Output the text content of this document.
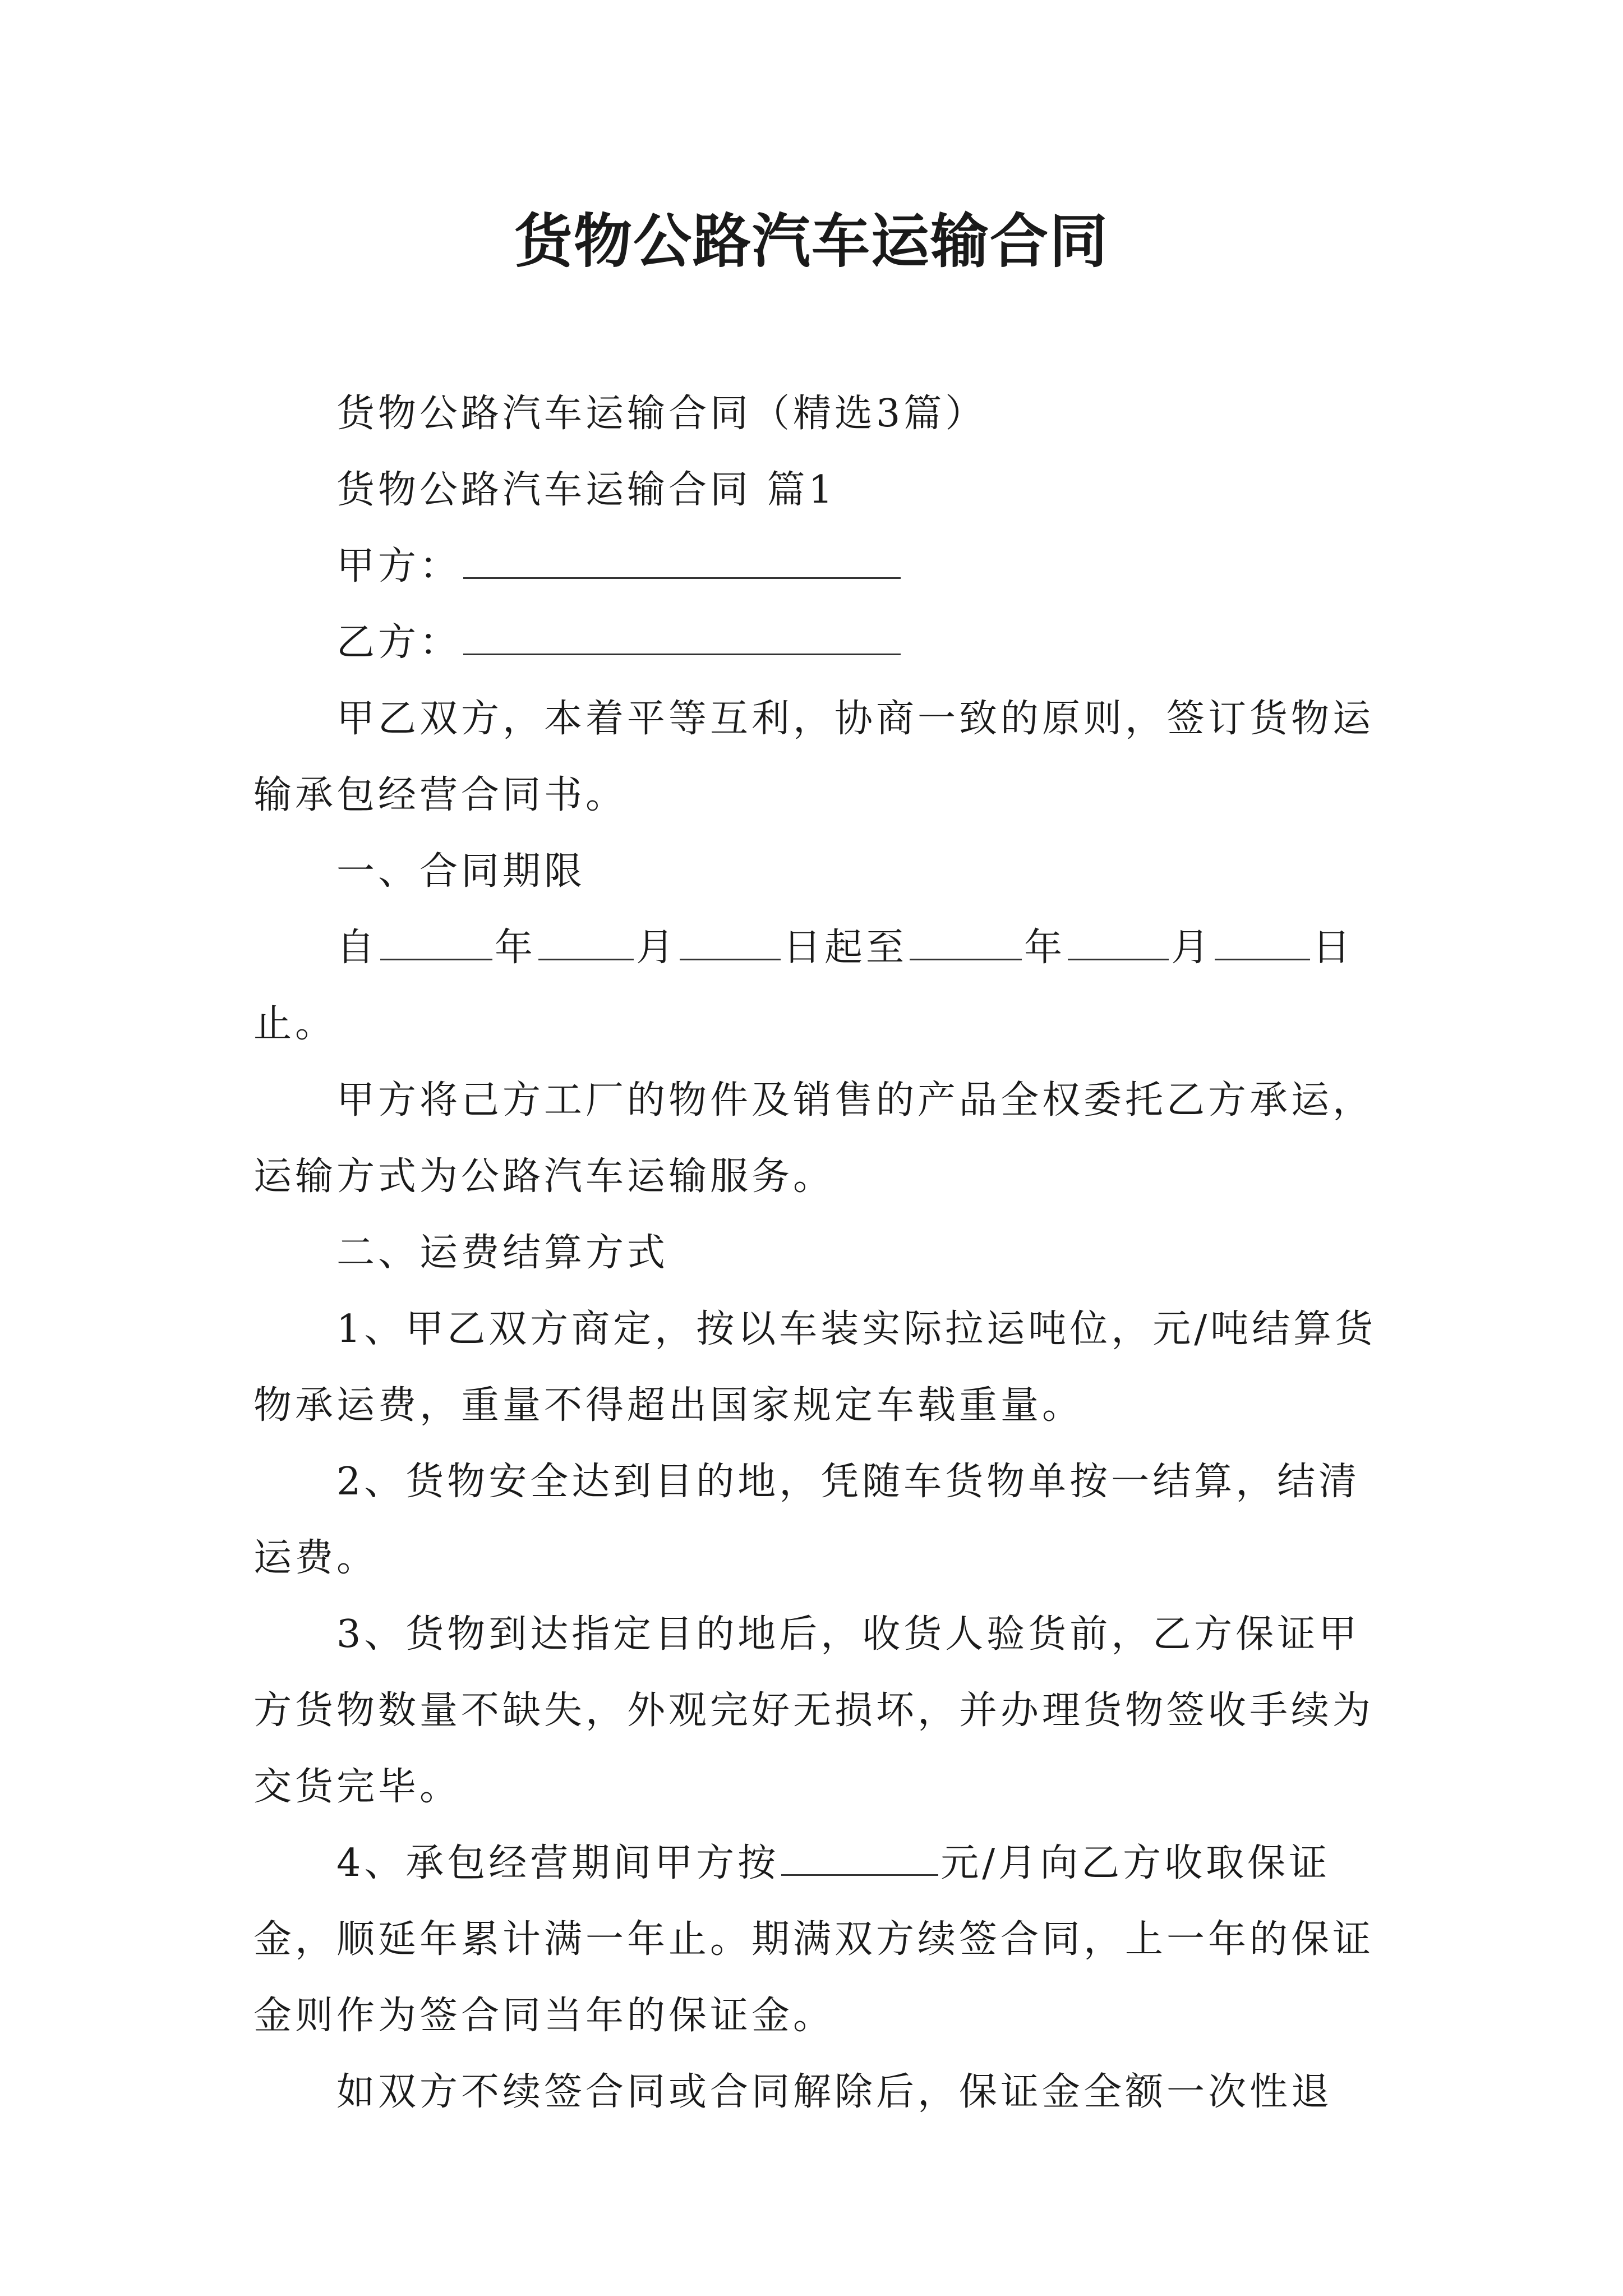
货物公路汽车运输合同

货物公路汽车运输合同（精选3篇）

货物公路汽车运输合同 篇1

甲方：

乙方：

甲乙双方，本着平等互利，协商一致的原则，签订货物运输承包经营合同书。

一、合同期限

自	年	月	日起至	年	月	日止。

甲方将己方工厂的物件及销售的产品全权委托乙方承运，运输方式为公路汽车运输服务。

二、运费结算方式

1、甲乙双方商定，按以车装实际拉运吨位，元/吨结算货物承运费，重量不得超出国家规定车载重量。

2、货物安全达到目的地，凭随车货物单按一结算，结清运费。

3、货物到达指定目的地后，收货人验货前，乙方保证甲方货物数量不缺失，外观完好无损坏，并办理货物签收手续为交货完毕。

4、承包经营期间甲方按	元/月向乙方收取保证金，顺延年累计满一年止。期满双方续签合同，上一年的保证金则作为签合同当年的保证金。

如双方不续签合同或合同解除后，保证金全额一次性退
